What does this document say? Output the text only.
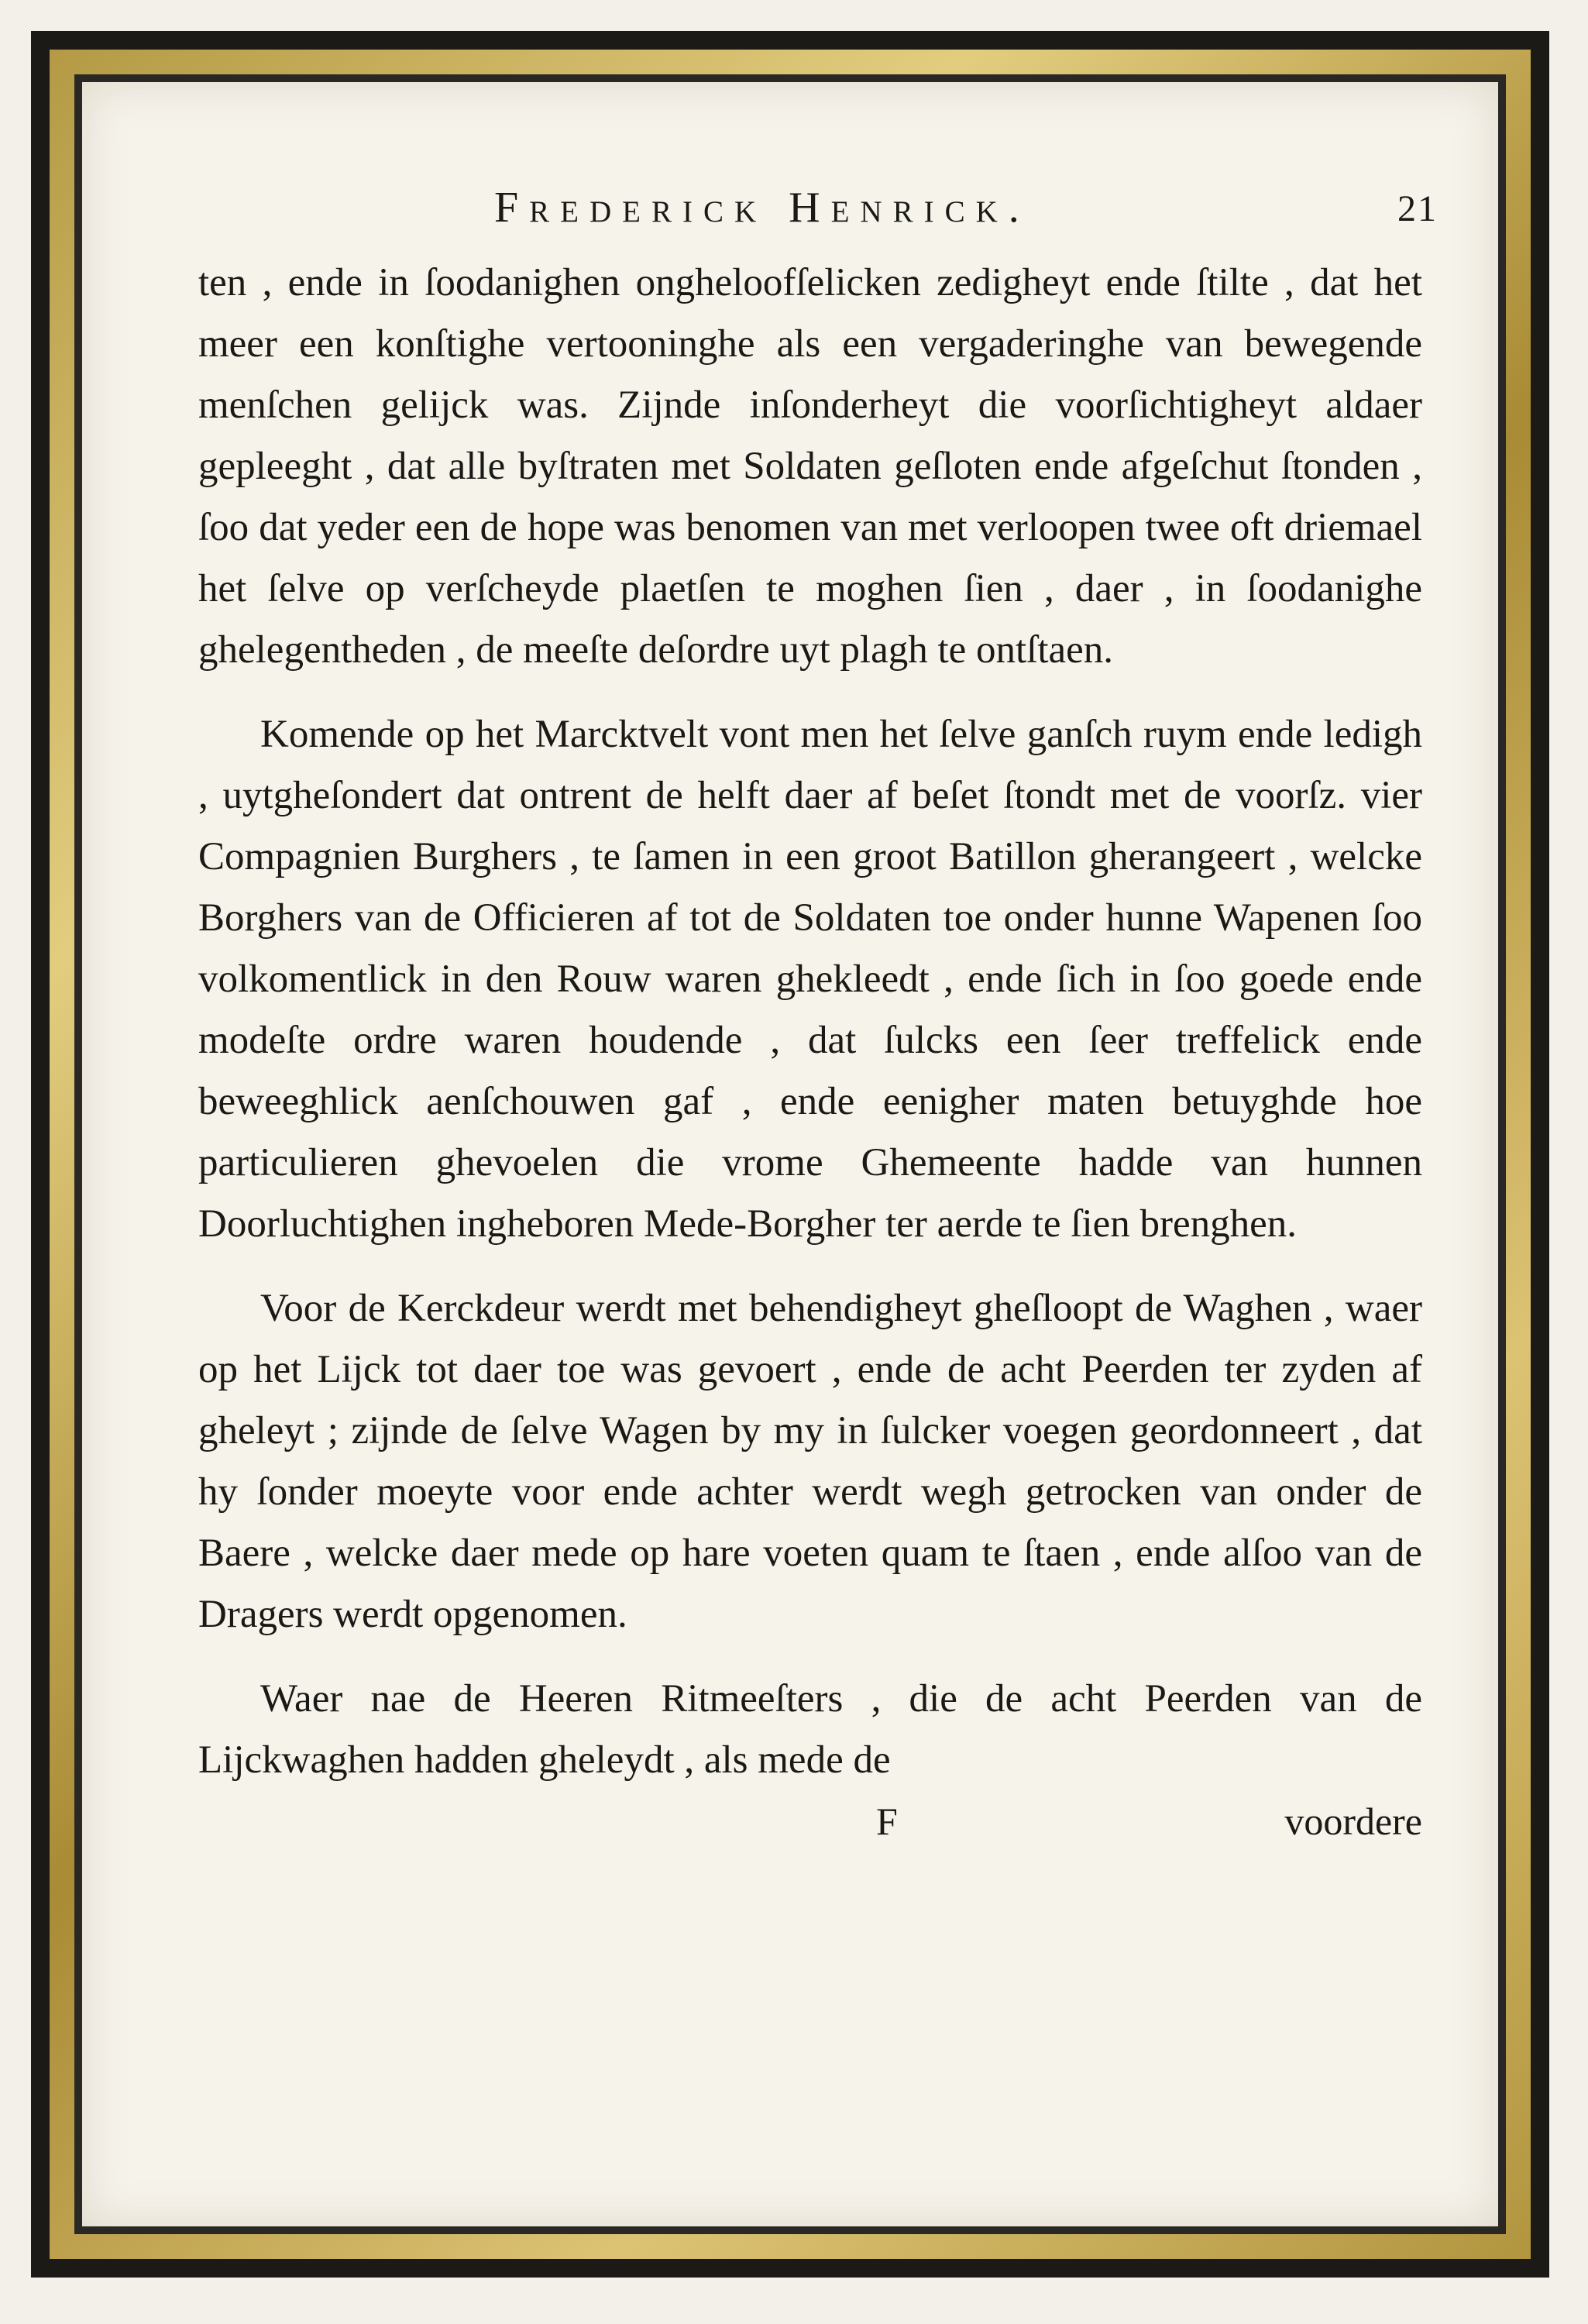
Frederick Henrick.	21

ten , ende in ſoodanighen ongheloofſelicken zedigheyt ende ſtilte , dat het meer een konſtighe vertooninghe als een vergaderinghe van bewegende menſchen gelijck was. Zijnde inſonderheyt die voorſichtigheyt aldaer gepleeght , dat alle byſtraten met Soldaten geſloten ende afgeſchut ſtonden , ſoo dat yeder een de hope was benomen van met verloopen twee oft driemael het ſelve op verſcheyde plaetſen te moghen ſien , daer , in ſoodanighe ghelegentheden , de meeſte deſordre uyt plagh te ontſtaen.

Komende op het Marcktvelt vont men het ſelve ganſch ruym ende ledigh , uytgheſondert dat ontrent de helft daer af beſet ſtondt met de voorſz. vier Compagnien Burghers , te ſamen in een groot Batillon gherangeert , welcke Borghers van de Officieren af tot de Soldaten toe onder hunne Wapenen ſoo volkomentlick in den Rouw waren ghekleedt , ende ſich in ſoo goede ende modeſte ordre waren houdende , dat ſulcks een ſeer treffelick ende beweeghlick aenſchouwen gaf , ende eenigher maten betuyghde hoe particulieren ghevoelen die vrome Ghemeente hadde van hunnen Doorluchtighen ingheboren Mede-Borgher ter aerde te ſien brenghen.

Voor de Kerckdeur werdt met behendigheyt gheſloopt de Waghen , waer op het Lijck tot daer toe was gevoert , ende de acht Peerden ter zyden af gheleyt ; zijnde de ſelve Wagen by my in ſulcker voegen geordonneert , dat hy ſonder moeyte voor ende achter werdt wegh getrocken van onder de Baere , welcke daer mede op hare voeten quam te ſtaen , ende alſoo van de Dragers werdt opgenomen.

Waer nae de Heeren Ritmeeſters , die de acht Peerden van de Lijckwaghen hadden gheleydt , als mede de

F	voordere
